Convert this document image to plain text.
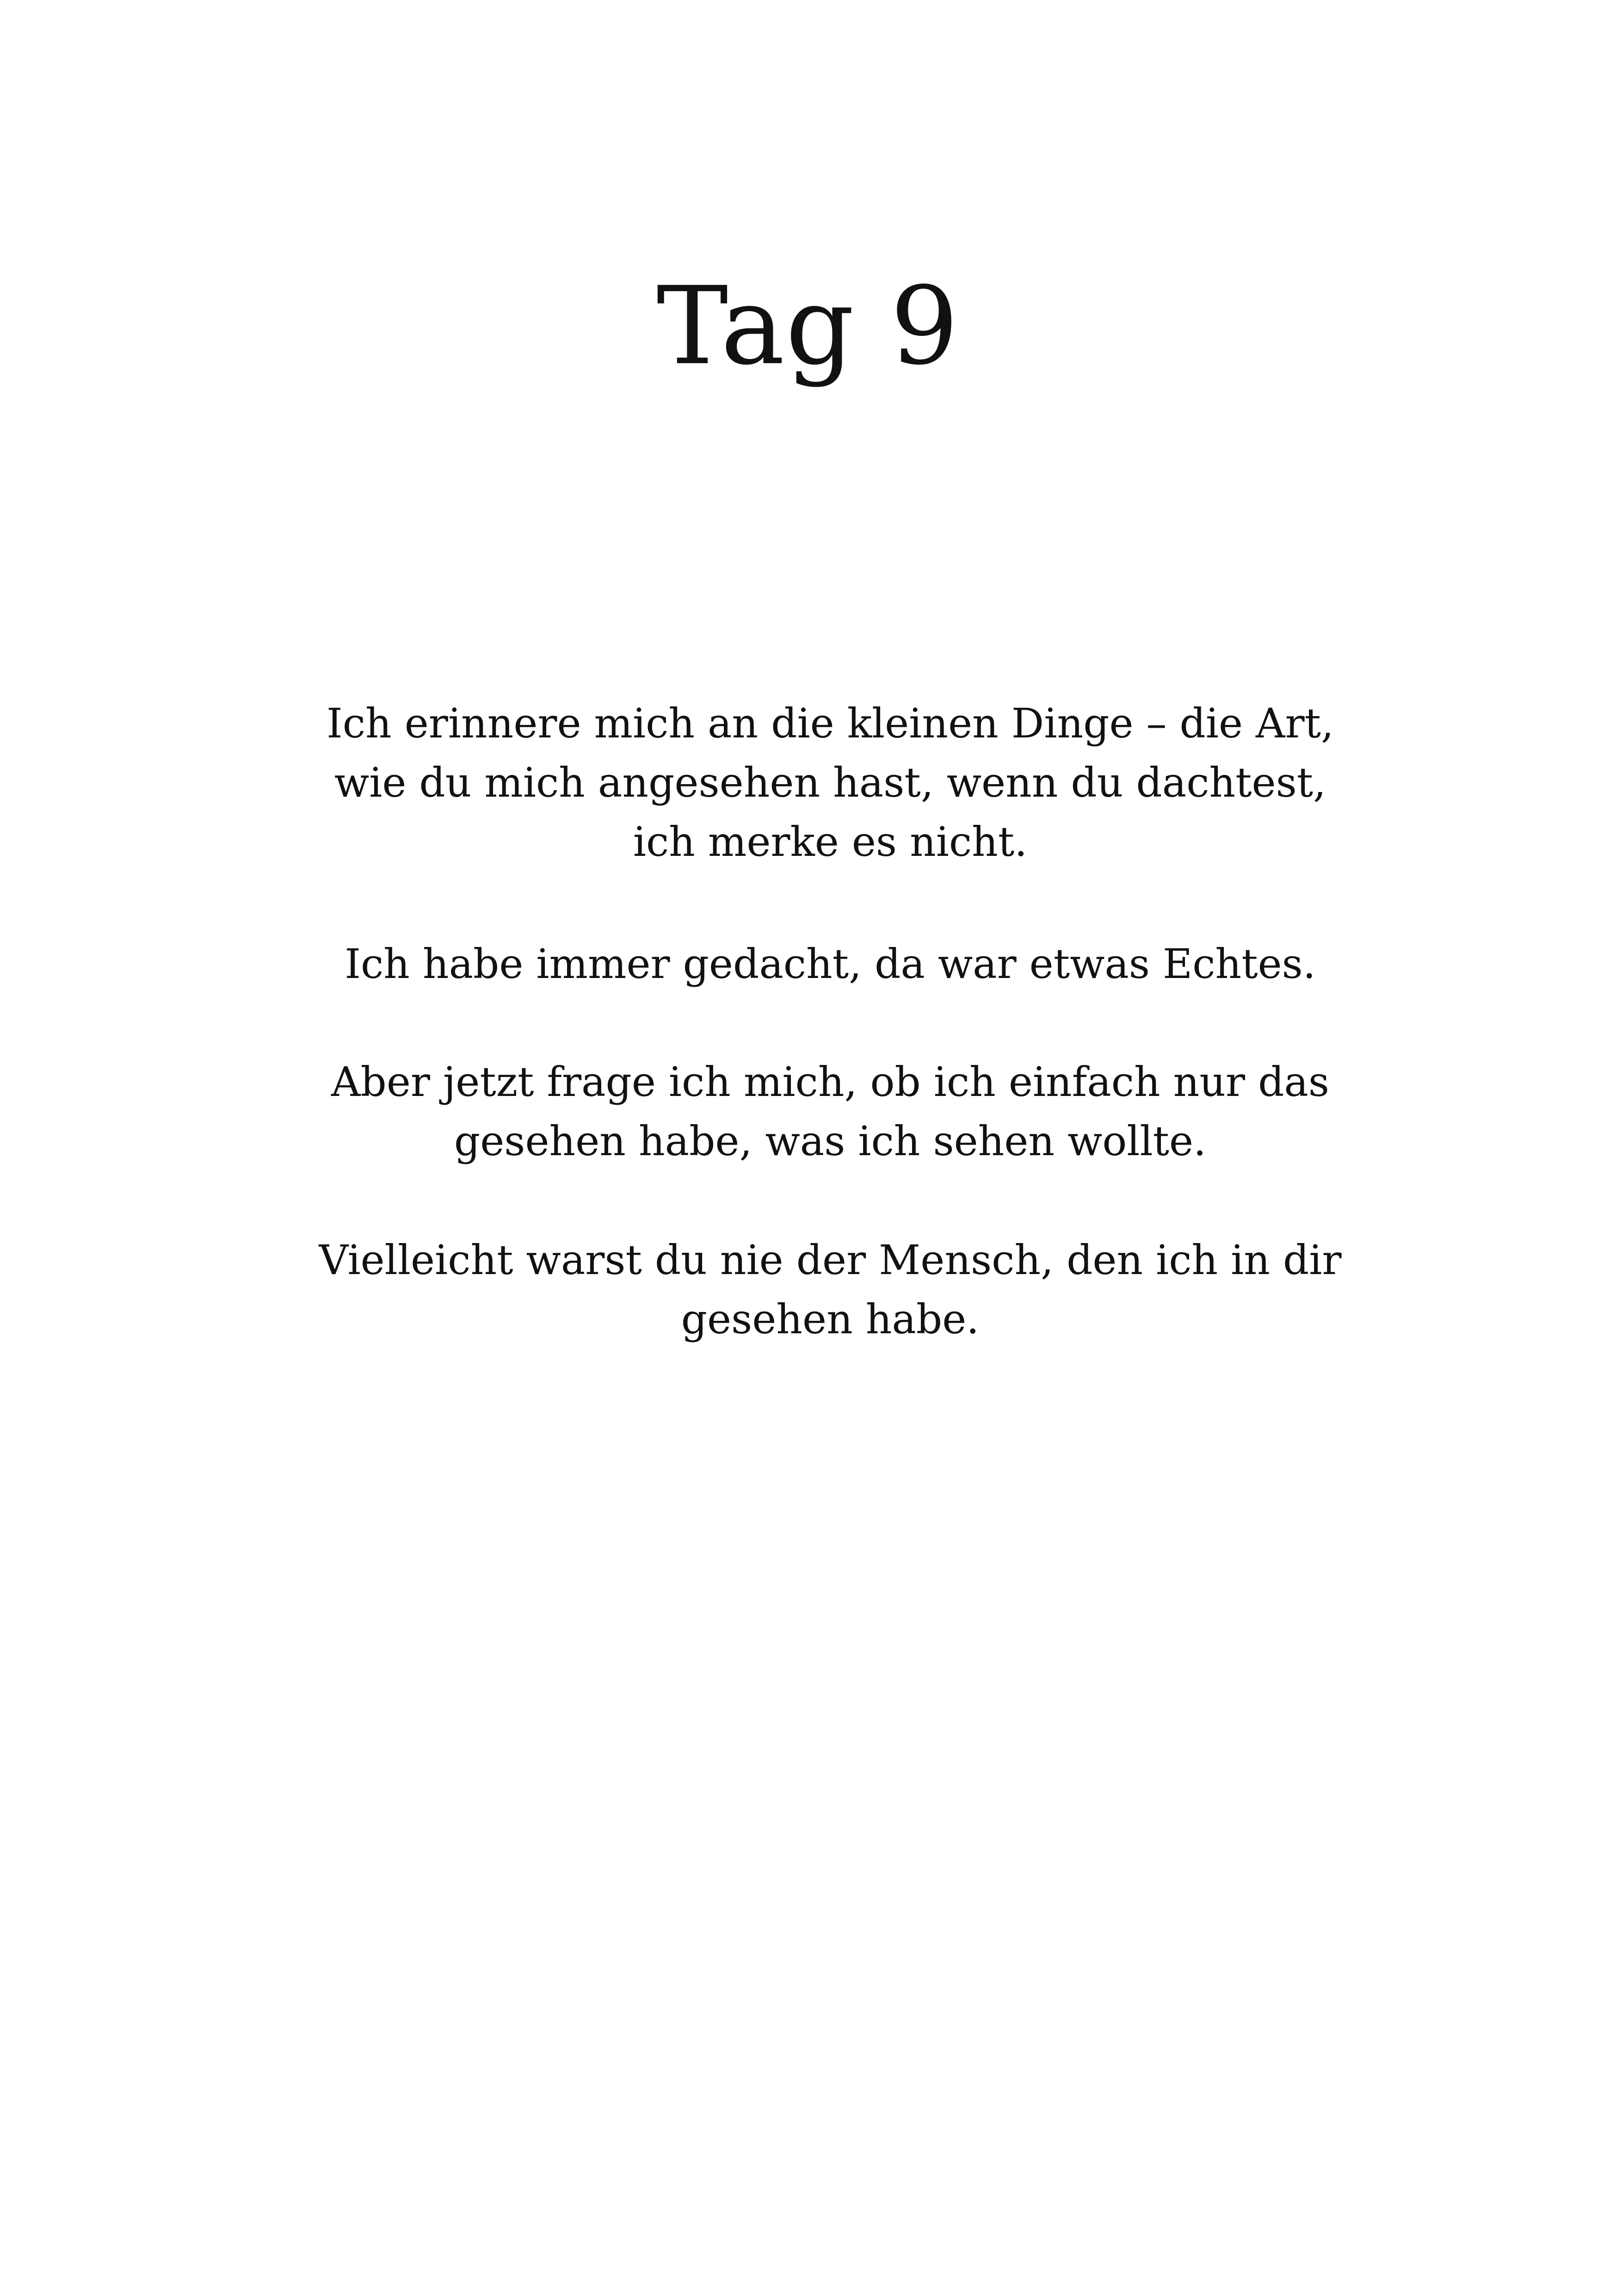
Tag 9

Ich erinnere mich an die kleinen Dinge – die Art,
wie du mich angesehen hast, wenn du dachtest,
ich merke es nicht.

Ich habe immer gedacht, da war etwas Echtes.

Aber jetzt frage ich mich, ob ich einfach nur das
gesehen habe, was ich sehen wollte.

Vielleicht warst du nie der Mensch, den ich in dir
gesehen habe.
